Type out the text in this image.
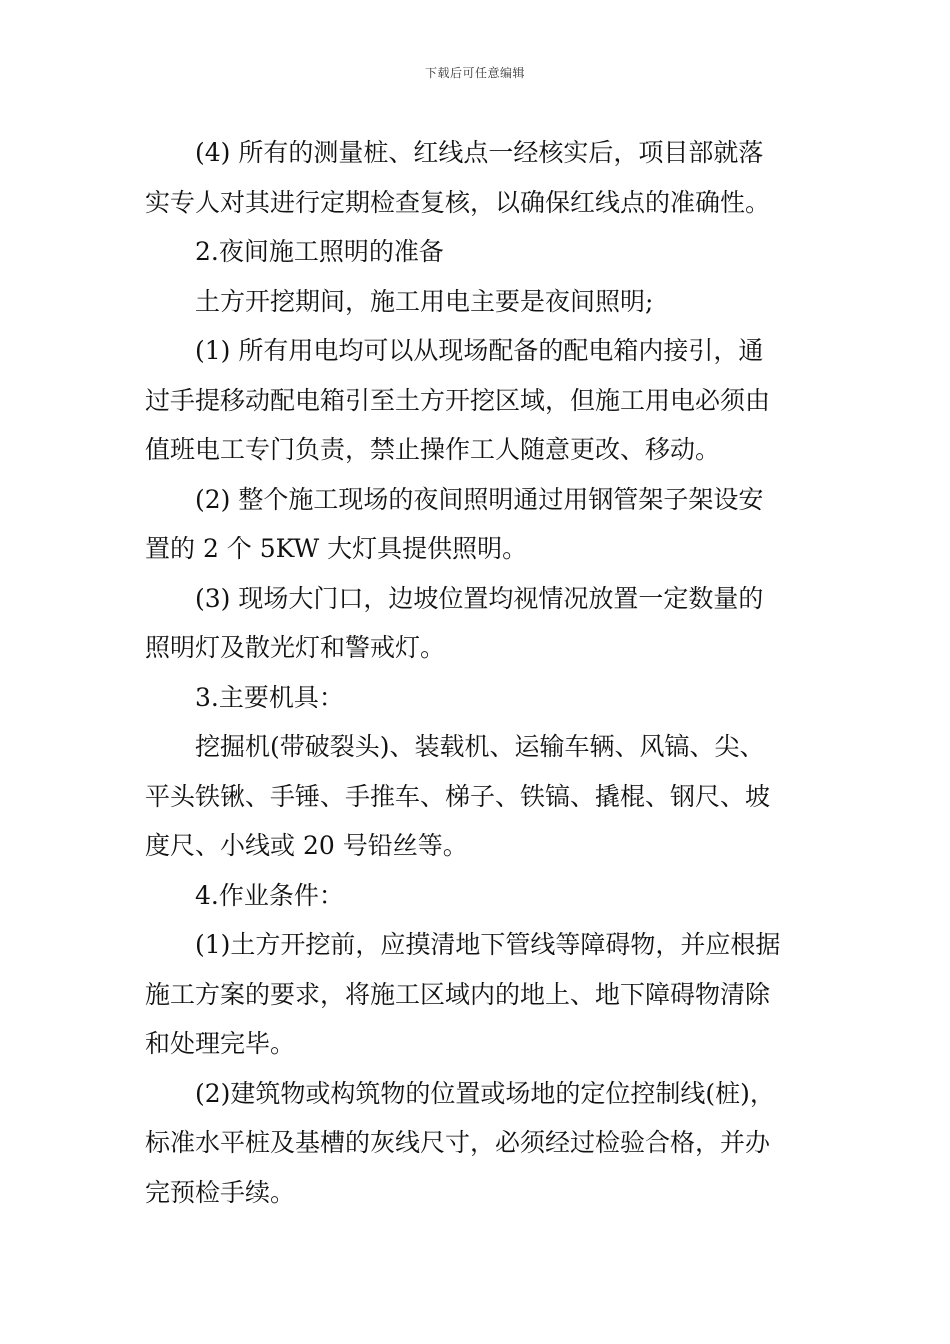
下载后可任意编辑
(4) 所有的测量桩、红线点一经核实后，项目部就落
实专人对其进行定期检查复核，以确保红线点的准确性。
2.夜间施工照明的准备
土方开挖期间，施工用电主要是夜间照明;
(1) 所有用电均可以从现场配备的配电箱内接引，通
过手提移动配电箱引至土方开挖区域，但施工用电必须由
值班电工专门负责，禁止操作工人随意更改、移动。
(2) 整个施工现场的夜间照明通过用钢管架子架设安
置的 2 个 5KW 大灯具提供照明。
(3) 现场大门口，边坡位置均视情况放置一定数量的
照明灯及散光灯和警戒灯。
3.主要机具：
挖掘机(带破裂头)、装载机、运输车辆、风镐、尖、
平头铁锹、手锤、手推车、梯子、铁镐、撬棍、钢尺、坡
度尺、小线或 20 号铅丝等。
4.作业条件：
(1)土方开挖前，应摸清地下管线等障碍物，并应根据
施工方案的要求，将施工区域内的地上、地下障碍物清除
和处理完毕。
(2)建筑物或构筑物的位置或场地的定位控制线(桩)，
标准水平桩及基槽的灰线尺寸，必须经过检验合格，并办
完预检手续。
